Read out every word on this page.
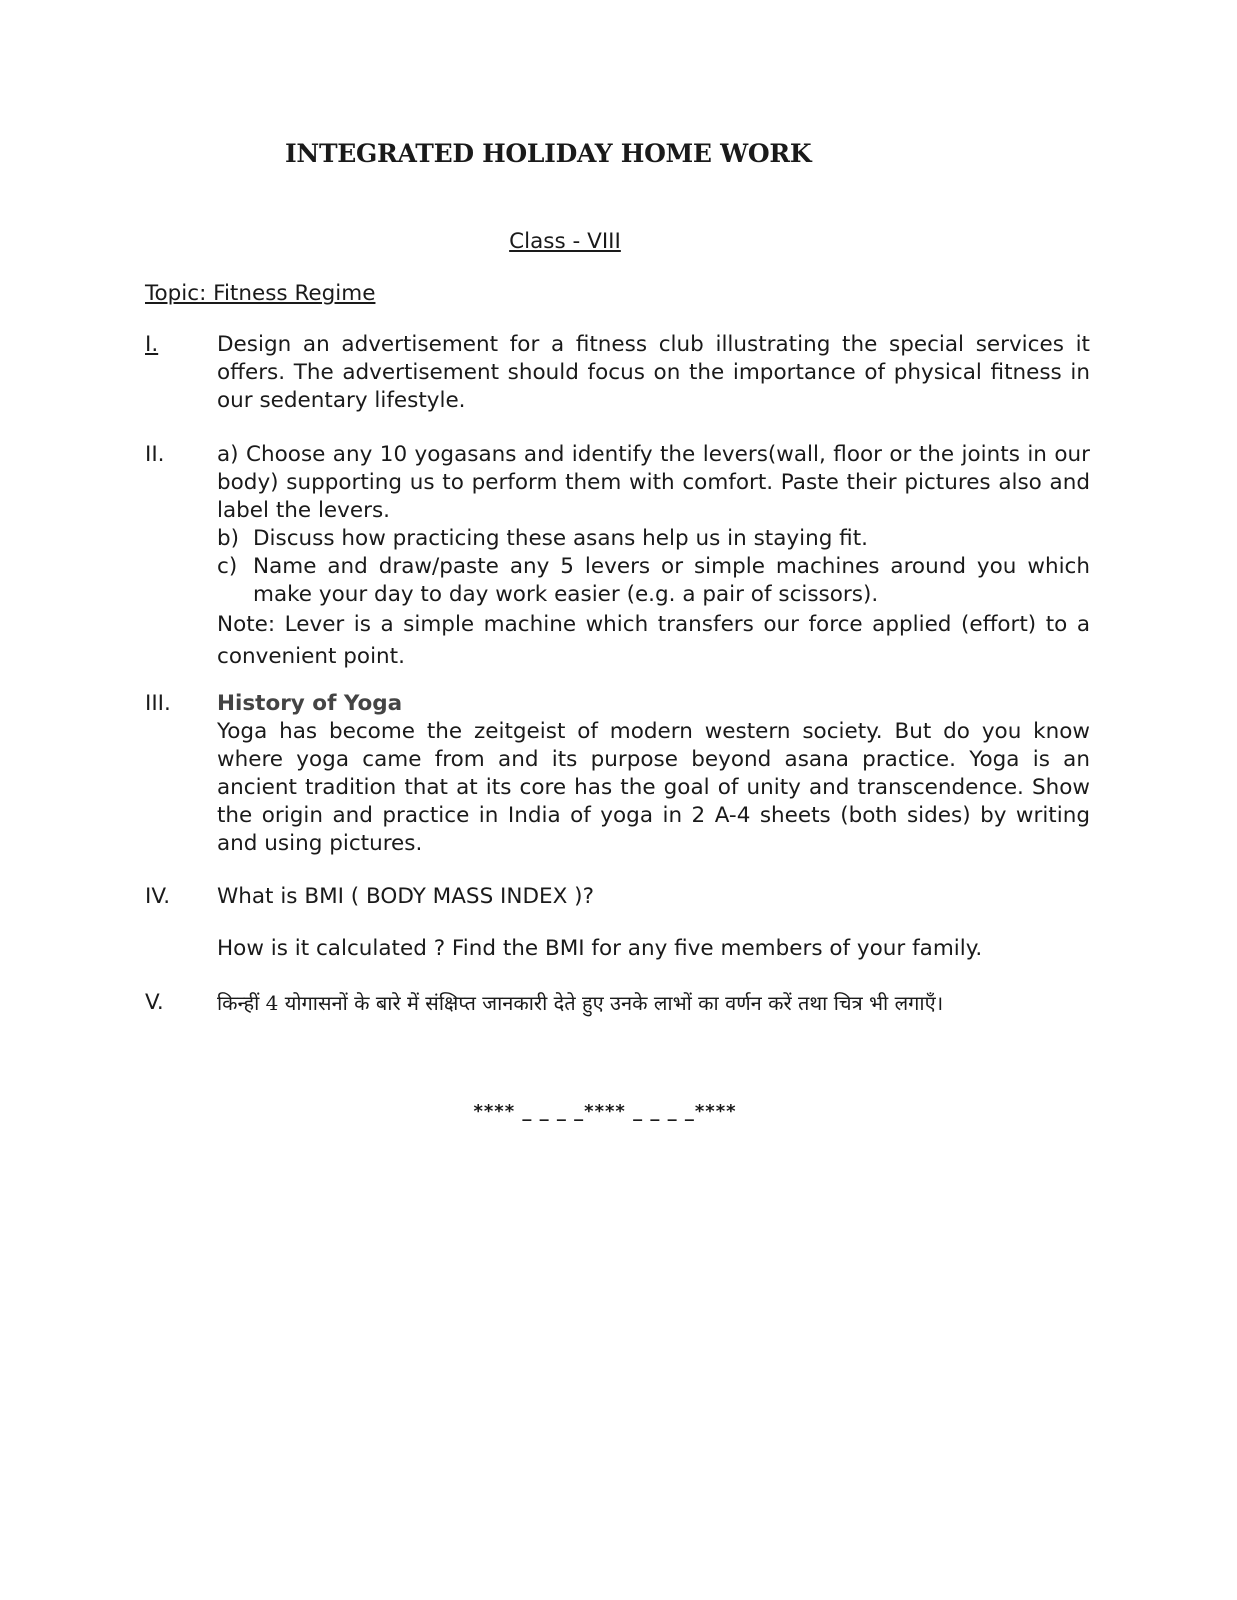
INTEGRATED HOLIDAY HOME WORK

Class - VIII

Topic: Fitness Regime

I.	Design an advertisement for a fitness club illustrating the special services it offers. The advertisement should focus on the importance of physical fitness in our sedentary lifestyle.

II.	a) Choose any 10 yogasans and identify the levers(wall, floor or the joints in our body) supporting us to perform them with comfort. Paste their pictures also and label the levers.

b) Discuss how practicing these asans help us in staying fit.
c) Name and draw/paste any 5 levers or simple machines around you which make your day to day work easier (e.g. a pair of scissors).

Note: Lever is a simple machine which transfers our force applied (effort) to a convenient point.

III.	History of Yoga

Yoga has become the zeitgeist of modern western society. But do you know where yoga came from and its purpose beyond asana practice. Yoga is an ancient tradition that at its core has the goal of unity and transcendence. Show the origin and practice in India of yoga in 2 A-4 sheets (both sides) by writing and using pictures.

IV.	What is BMI ( BODY MASS INDEX )?

How is it calculated ? Find the BMI for any five members of your family.

V.	किन्हीं 4 योगासनों के बारे में संक्षिप्त जानकारी देते हुए उनके लाभों का वर्णन करें तथा चित्र भी लगाएँ।

**** _ _ _ _**** _ _ _ _****
